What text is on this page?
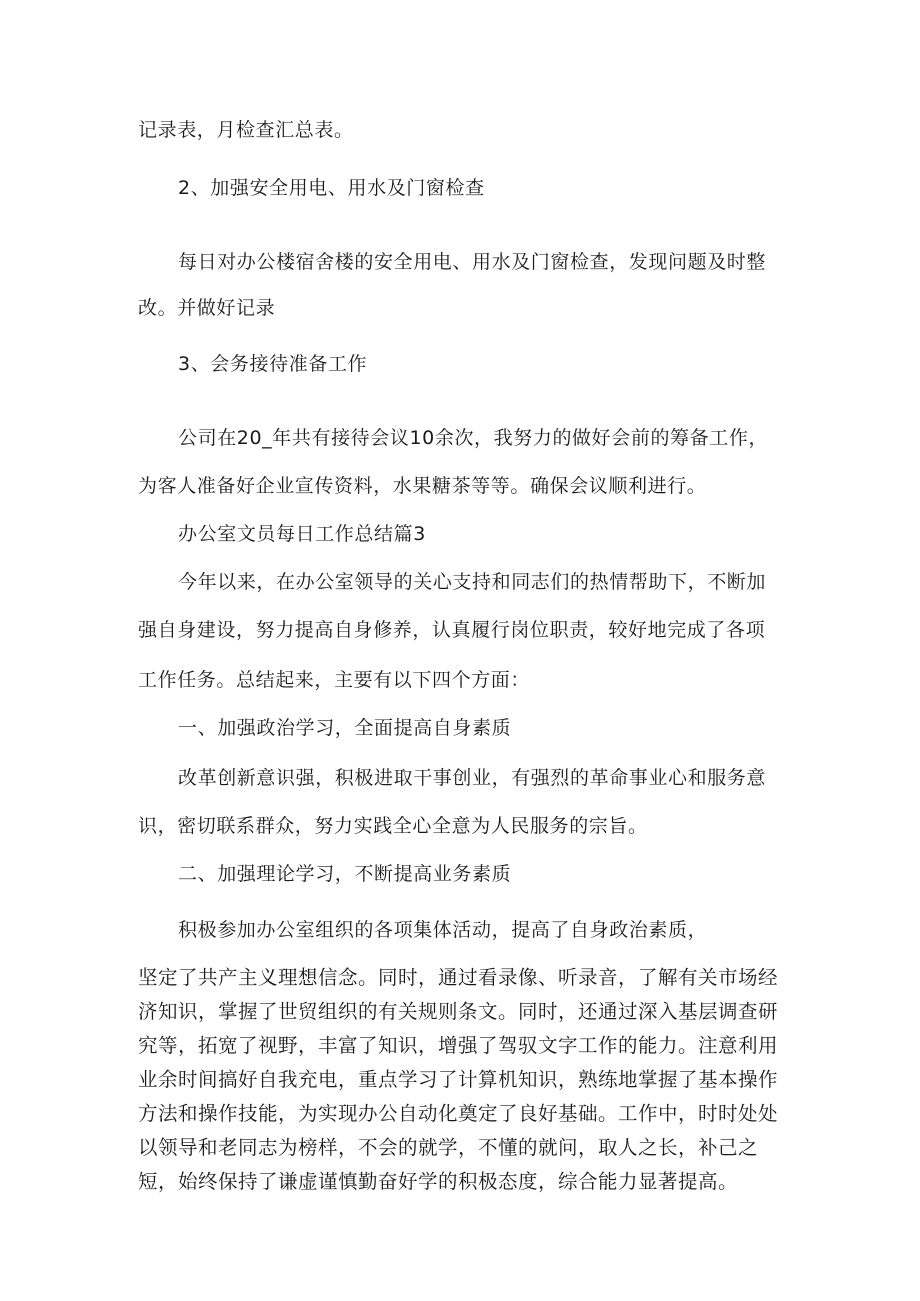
记录表，月检查汇总表。
2、加强安全用电、用水及门窗检查
每日对办公楼宿舍楼的安全用电、用水及门窗检查，发现问题及时整
改。并做好记录
3、会务接待准备工作
公司在20_年共有接待会议10余次，我努力的做好会前的筹备工作，
为客人准备好企业宣传资料，水果糖茶等等。确保会议顺利进行。
办公室文员每日工作总结篇3
今年以来，在办公室领导的关心支持和同志们的热情帮助下，不断加
强自身建设，努力提高自身修养，认真履行岗位职责，较好地完成了各项
工作任务。总结起来，主要有以下四个方面：
一、加强政治学习，全面提高自身素质
改革创新意识强，积极进取干事创业，有强烈的革命事业心和服务意
识，密切联系群众，努力实践全心全意为人民服务的宗旨。
二、加强理论学习，不断提高业务素质
积极参加办公室组织的各项集体活动，提高了自身政治素质，
坚定了共产主义理想信念。同时，通过看录像、听录音，了解有关市场经
济知识，掌握了世贸组织的有关规则条文。同时，还通过深入基层调查研
究等，拓宽了视野，丰富了知识，增强了驾驭文字工作的能力。注意利用
业余时间搞好自我充电，重点学习了计算机知识，熟练地掌握了基本操作
方法和操作技能，为实现办公自动化奠定了良好基础。工作中，时时处处
以领导和老同志为榜样，不会的就学，不懂的就问，取人之长，补己之
短，始终保持了谦虚谨慎勤奋好学的积极态度，综合能力显著提高。
